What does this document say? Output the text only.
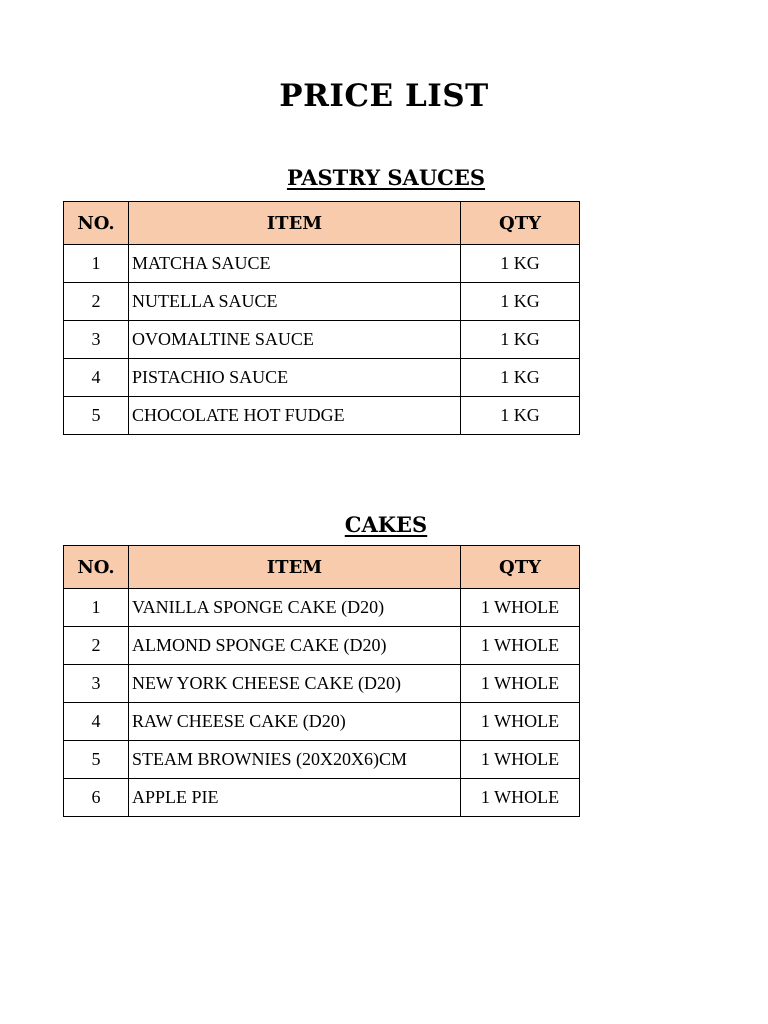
PRICE LIST
PASTRY SAUCES
NO.	ITEM	QTY
1	MATCHA SAUCE	1 KG
2	NUTELLA SAUCE	1 KG
3	OVOMALTINE SAUCE	1 KG
4	PISTACHIO SAUCE	1 KG
5	CHOCOLATE HOT FUDGE	1 KG
CAKES
NO.	ITEM	QTY
1	VANILLA SPONGE CAKE (D20)	1 WHOLE
2	ALMOND SPONGE CAKE (D20)	1 WHOLE
3	NEW YORK CHEESE CAKE (D20)	1 WHOLE
4	RAW CHEESE CAKE (D20)	1 WHOLE
5	STEAM BROWNIES (20X20X6)CM	1 WHOLE
6	APPLE PIE	1 WHOLE
